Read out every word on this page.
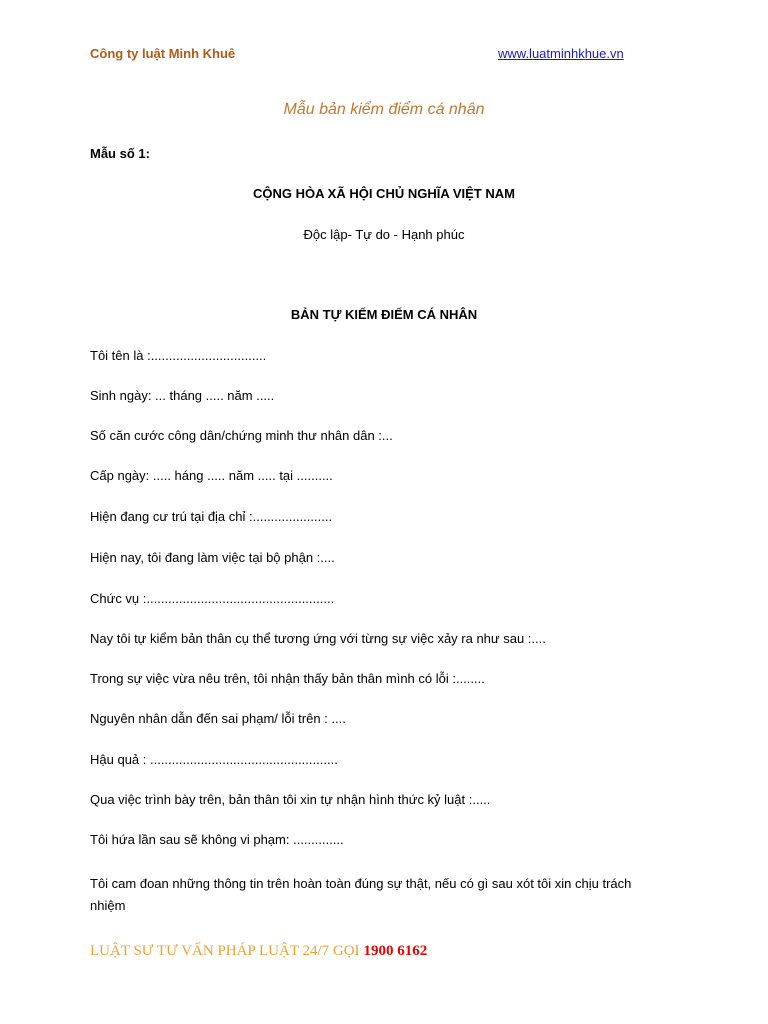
Công ty luật Minh Khuê	www.luatminhkhue.vn
Mẫu bản kiểm điểm cá nhân
Mẫu số 1:
CỘNG HÒA XÃ HỘI CHỦ NGHĨA VIỆT NAM
Độc lập- Tự do - Hạnh phúc
BẢN TỰ KIỂM ĐIỂM CÁ NHÂN
Tôi tên là :................................
Sinh ngày: ... tháng ..... năm .....
Số căn cước công dân/chứng minh thư nhân dân :...
Cấp ngày: ..... háng ..... năm ..... tại ..........
Hiện đang cư trú tại địa chỉ :......................
Hiện nay, tôi đang làm việc tại bộ phận :....
Chức vụ :....................................................
Nay tôi tự kiểm bản thân cụ thể tương ứng với từng sự việc xảy ra như sau :....
Trong sự việc vừa nêu trên, tôi nhận thấy bản thân mình có lỗi :........
Nguyên nhân dẫn đến sai phạm/ lỗi trên : ....
Hậu quả : ....................................................
Qua việc trình bày trên, bản thân tôi xin tự nhận hình thức kỷ luật :.....
Tôi hứa lần sau sẽ không vi phạm: ..............
Tôi cam đoan những thông tin trên hoàn toàn đúng sự thật, nếu có gì sau xót tôi xin chịu trách nhiệm
LUẬT SƯ TƯ VẤN PHÁP LUẬT 24/7 GỌI 1900 6162
